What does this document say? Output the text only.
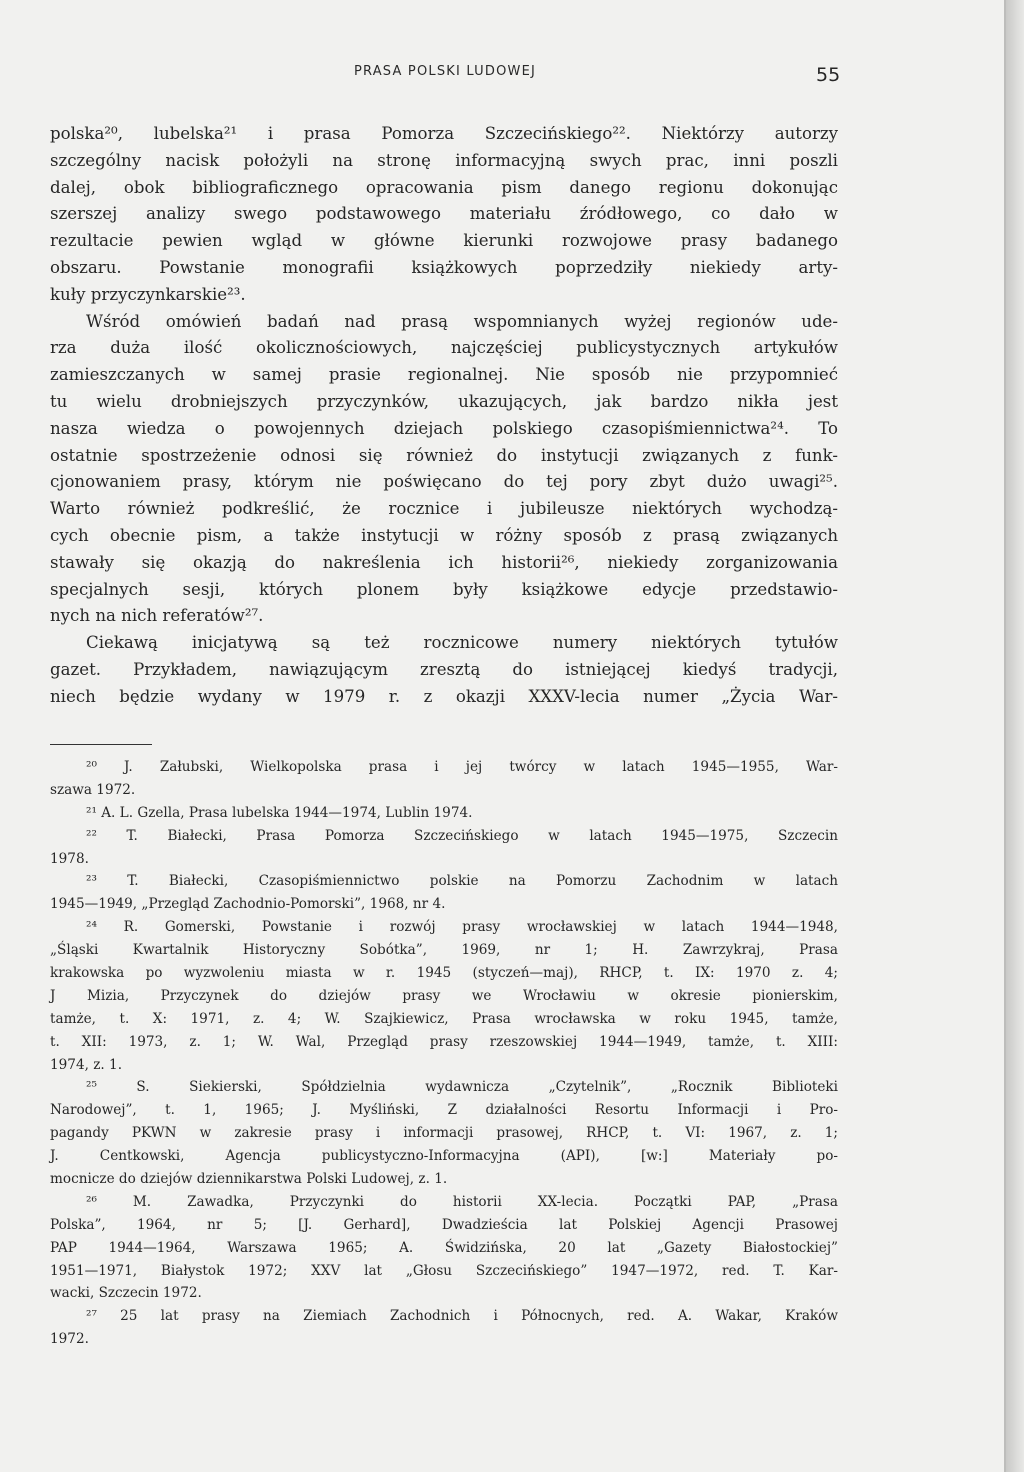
PRASA POLSKI LUDOWEJ	55
polska²⁰, lubelska²¹ i prasa Pomorza Szczecińskiego²². Niektórzy autorzy
szczególny nacisk położyli na stronę informacyjną swych prac, inni poszli
dalej, obok bibliograficznego opracowania pism danego regionu dokonując
szerszej analizy swego podstawowego materiału źródłowego, co dało w
rezultacie pewien wgląd w główne kierunki rozwojowe prasy badanego
obszaru. Powstanie monografii książkowych poprzedziły niekiedy arty-
kuły przyczynkarskie²³.
Wśród omówień badań nad prasą wspomnianych wyżej regionów ude-
rza duża ilość okolicznościowych, najczęściej publicystycznych artykułów
zamieszczanych w samej prasie regionalnej. Nie sposób nie przypomnieć
tu wielu drobniejszych przyczynków, ukazujących, jak bardzo nikła jest
nasza wiedza o powojennych dziejach polskiego czasopiśmiennictwa²⁴. To
ostatnie spostrzeżenie odnosi się również do instytucji związanych z funk-
cjonowaniem prasy, którym nie poświęcano do tej pory zbyt dużo uwagi²⁵.
Warto również podkreślić, że rocznice i jubileusze niektórych wychodzą-
cych obecnie pism, a także instytucji w różny sposób z prasą związanych
stawały się okazją do nakreślenia ich historii²⁶, niekiedy zorganizowania
specjalnych sesji, których plonem były książkowe edycje przedstawio-
nych na nich referatów²⁷.
Ciekawą inicjatywą są też rocznicowe numery niektórych tytułów
gazet. Przykładem, nawiązującym zresztą do istniejącej kiedyś tradycji,
niech będzie wydany w 1979 r. z okazji XXXV-lecia numer „Życia War-
²⁰ J. Załubski, Wielkopolska prasa i jej twórcy w latach 1945—1955, War-
szawa 1972.
²¹ A. L. Gzella, Prasa lubelska 1944—1974, Lublin 1974.
²² T. Białecki, Prasa Pomorza Szczecińskiego w latach 1945—1975, Szczecin
1978.
²³ T. Białecki, Czasopiśmiennictwo polskie na Pomorzu Zachodnim w latach
1945—1949, „Przegląd Zachodnio-Pomorski”, 1968, nr 4.
²⁴ R. Gomerski, Powstanie i rozwój prasy wrocławskiej w latach 1944—1948,
„Śląski Kwartalnik Historyczny Sobótka”, 1969, nr 1; H. Zawrzykraj, Prasa
krakowska po wyzwoleniu miasta w r. 1945 (styczeń—maj), RHCP, t. IX: 1970 z. 4;
J Mizia, Przyczynek do dziejów prasy we Wrocławiu w okresie pionierskim,
tamże, t. X: 1971, z. 4; W. Szajkiewicz, Prasa wrocławska w roku 1945, tamże,
t. XII: 1973, z. 1; W. Wal, Przegląd prasy rzeszowskiej 1944—1949, tamże, t. XIII:
1974, z. 1.
²⁵ S. Siekierski, Spółdzielnia wydawnicza „Czytelnik”, „Rocznik Biblioteki
Narodowej”, t. 1, 1965; J. Myśliński, Z działalności Resortu Informacji i Pro-
pagandy PKWN w zakresie prasy i informacji prasowej, RHCP, t. VI: 1967, z. 1;
J. Centkowski, Agencja publicystyczno-Informacyjna (API), [w:] Materiały po-
mocnicze do dziejów dziennikarstwa Polski Ludowej, z. 1.
²⁶ M. Zawadka, Przyczynki do historii XX-lecia. Początki PAP, „Prasa
Polska”, 1964, nr 5; [J. Gerhard], Dwadzieścia lat Polskiej Agencji Prasowej
PAP 1944—1964, Warszawa 1965; A. Świdzińska, 20 lat „Gazety Białostockiej”
1951—1971, Białystok 1972; XXV lat „Głosu Szczecińskiego” 1947—1972, red. T. Kar-
wacki, Szczecin 1972.
²⁷ 25 lat prasy na Ziemiach Zachodnich i Północnych, red. A. Wakar, Kraków
1972.
